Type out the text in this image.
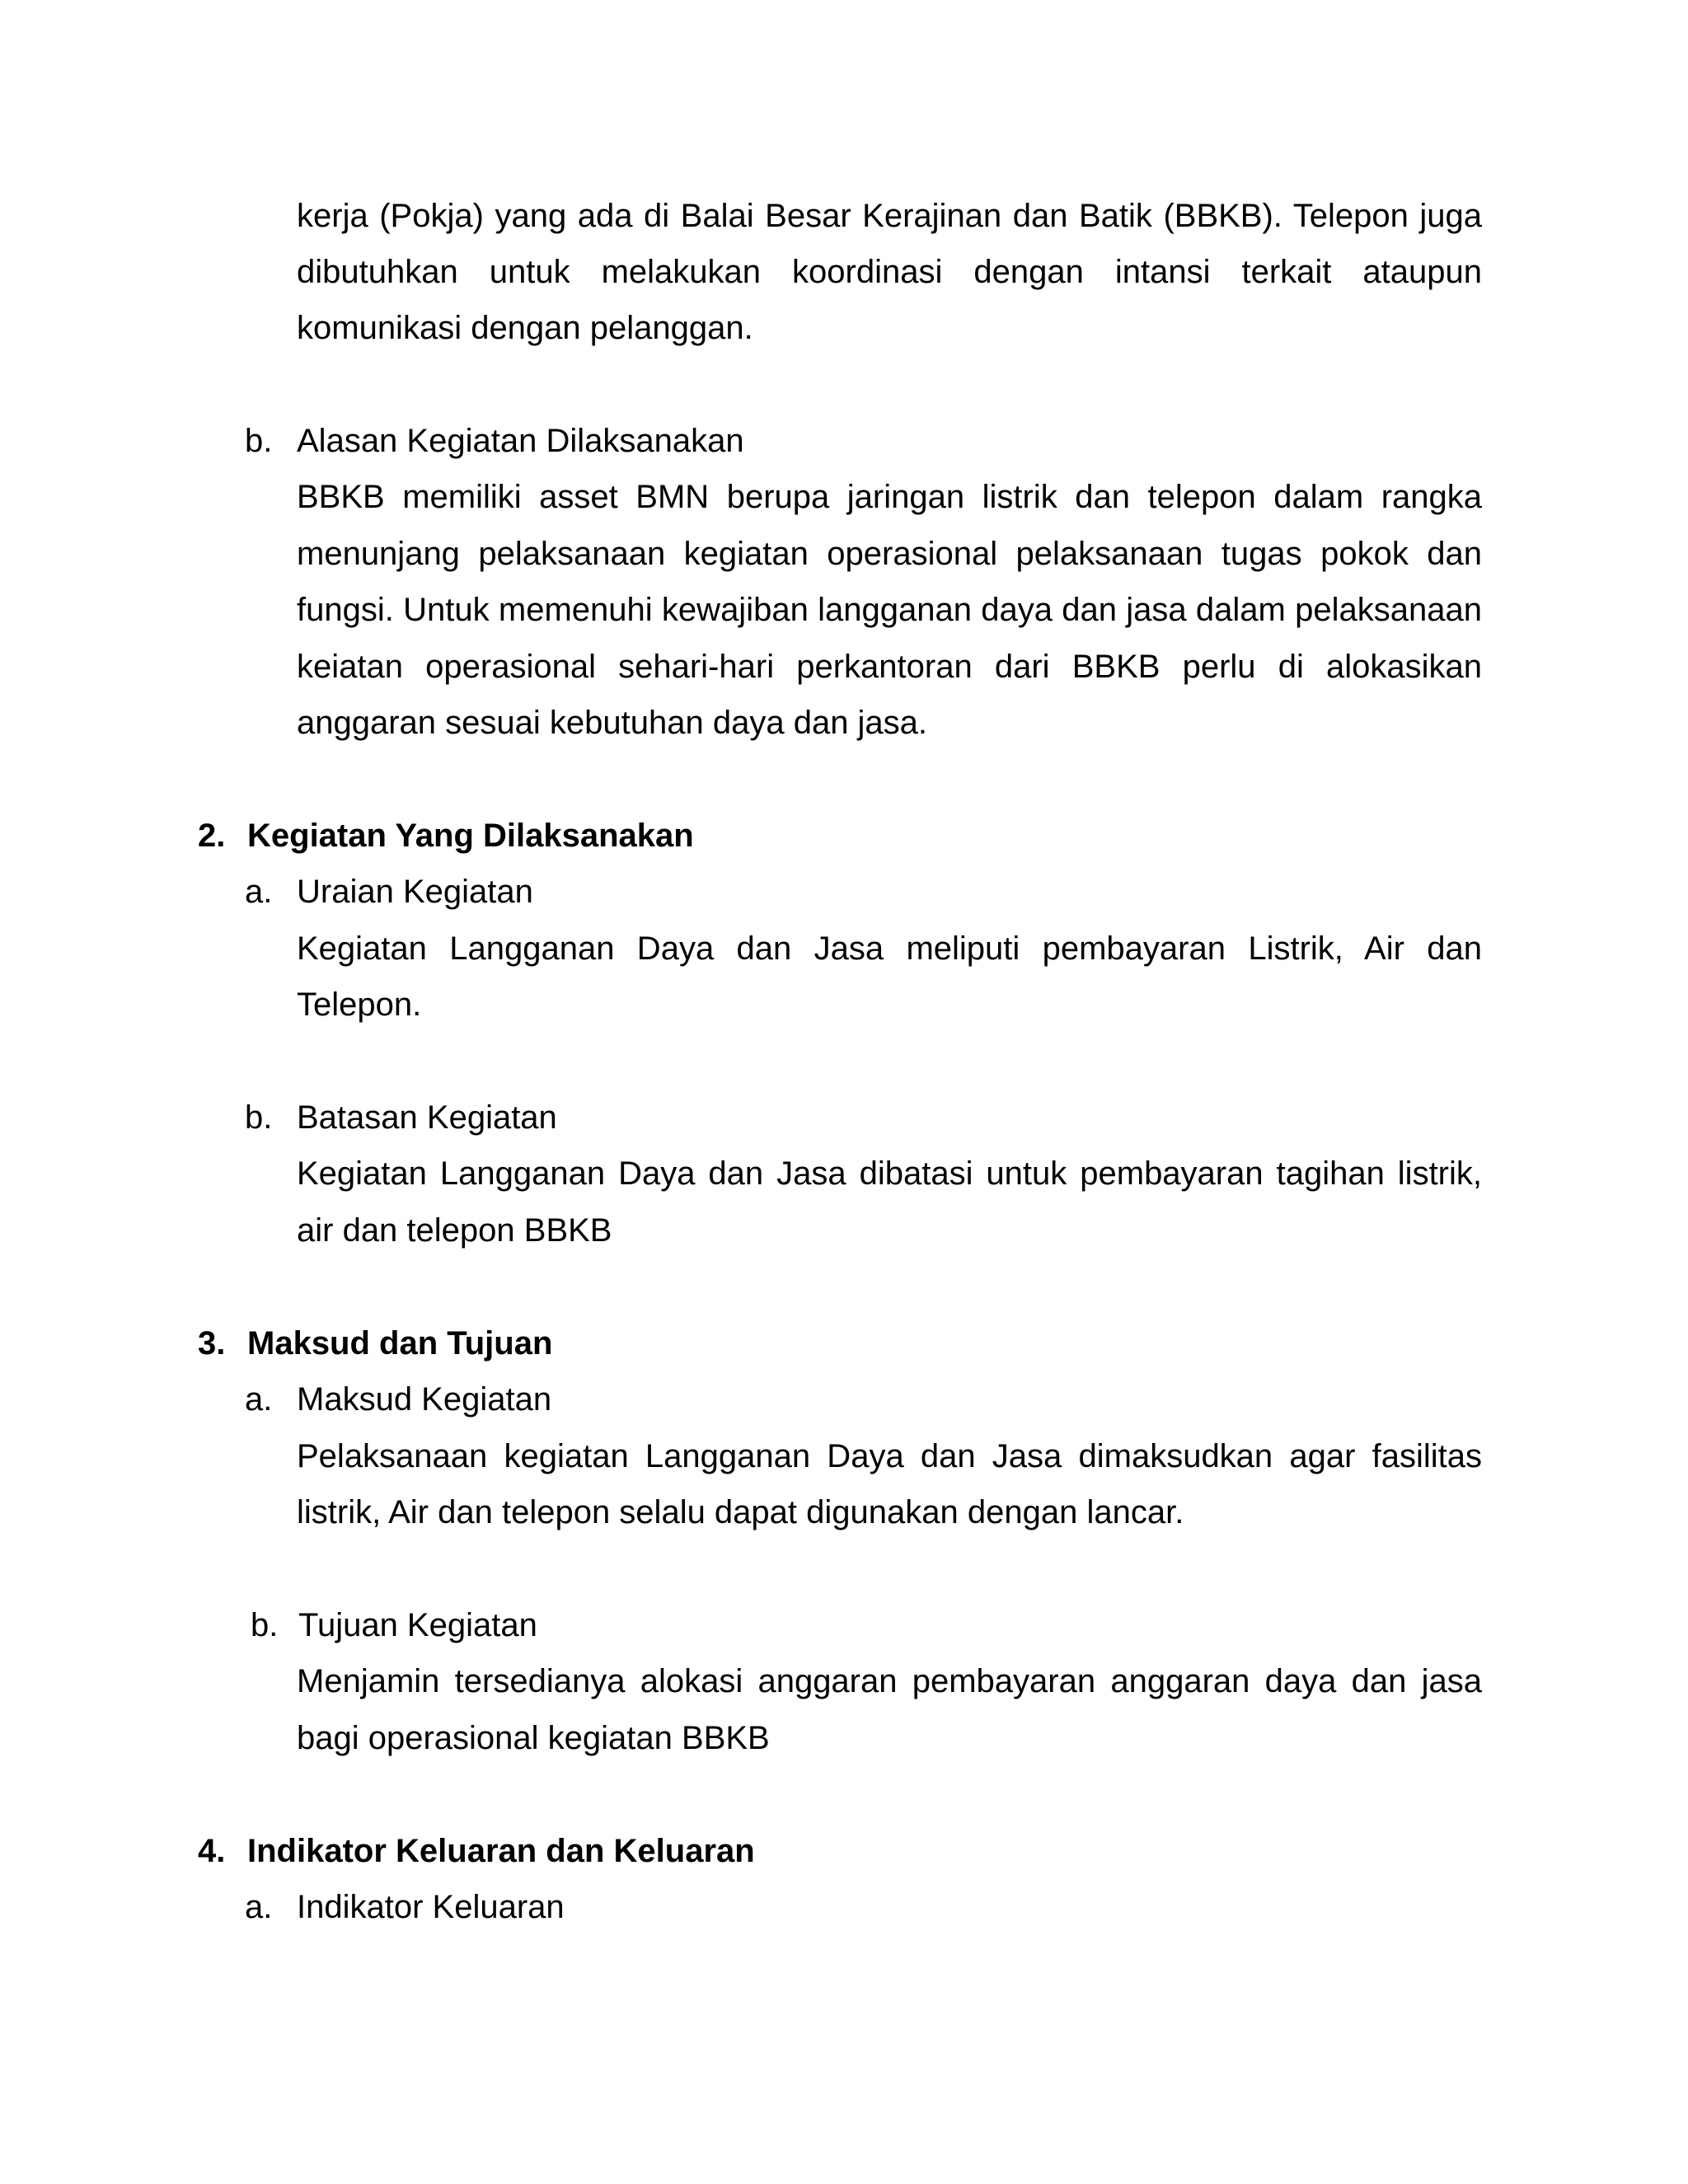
kerja (Pokja) yang ada di Balai Besar Kerajinan dan Batik (BBKB). Telepon juga
dibutuhkan untuk melakukan koordinasi dengan intansi terkait ataupun
komunikasi dengan pelanggan.
b. Alasan Kegiatan Dilaksanakan
BBKB memiliki asset BMN berupa jaringan listrik dan telepon dalam rangka
menunjang pelaksanaan kegiatan operasional pelaksanaan tugas pokok dan
fungsi. Untuk memenuhi kewajiban langganan daya dan jasa dalam pelaksanaan
keiatan operasional sehari-hari perkantoran dari BBKB perlu di alokasikan
anggaran sesuai kebutuhan daya dan jasa.
2. Kegiatan Yang Dilaksanakan
a. Uraian Kegiatan
Kegiatan Langganan Daya dan Jasa meliputi pembayaran Listrik, Air dan
Telepon.
b. Batasan Kegiatan
Kegiatan Langganan Daya dan Jasa dibatasi untuk pembayaran tagihan listrik,
air dan telepon BBKB
3. Maksud dan Tujuan
a. Maksud Kegiatan
Pelaksanaan kegiatan Langganan Daya dan Jasa dimaksudkan agar fasilitas
listrik, Air dan telepon selalu dapat digunakan dengan lancar.
b. Tujuan Kegiatan
Menjamin tersedianya alokasi anggaran pembayaran anggaran daya dan jasa
bagi operasional kegiatan BBKB
4. Indikator Keluaran dan Keluaran
a. Indikator Keluaran
